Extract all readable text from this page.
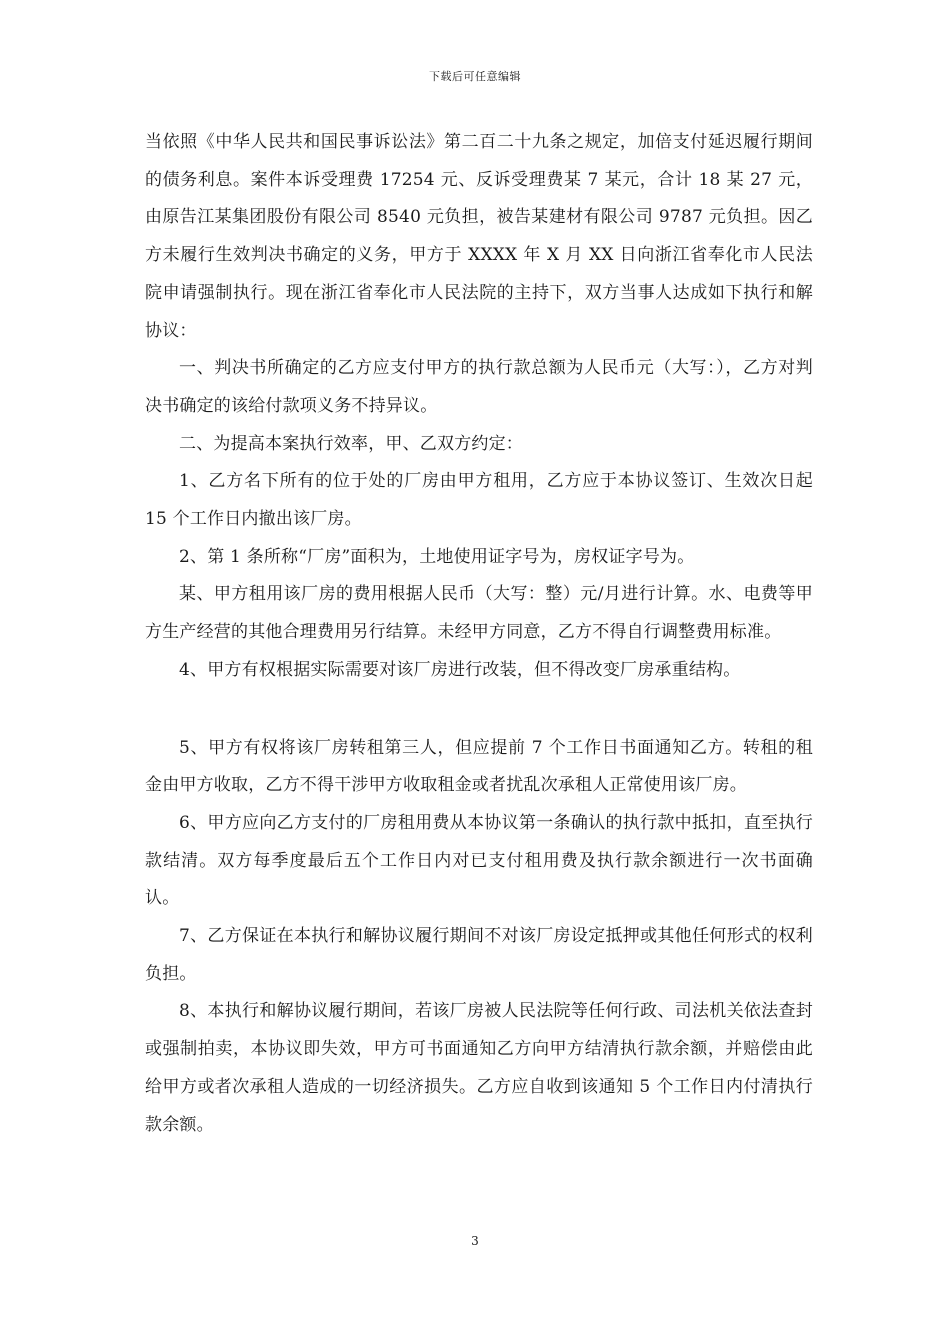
下载后可任意编辑

当依照《中华人民共和国民事诉讼法》第二百二十九条之规定，加倍支付延迟履行期间的债务利息。案件本诉受理费 17254 元、反诉受理费某 7 某元，合计 18 某 27 元，由原告江某集团股份有限公司 8540 元负担，被告某建材有限公司 9787 元负担。因乙方未履行生效判决书确定的义务，甲方于 XXXX 年 X 月 XX 日向浙江省奉化市人民法院申请强制执行。现在浙江省奉化市人民法院的主持下，双方当事人达成如下执行和解协议：

一、判决书所确定的乙方应支付甲方的执行款总额为人民币元（大写：），乙方对判决书确定的该给付款项义务不持异议。

二、为提高本案执行效率，甲、乙双方约定：

1、乙方名下所有的位于处的厂房由甲方租用，乙方应于本协议签订、生效次日起 15 个工作日内撤出该厂房。

2、第 1 条所称“厂房”面积为，土地使用证字号为，房权证字号为。

某、甲方租用该厂房的费用根据人民币（大写：整）元/月进行计算。水、电费等甲方生产经营的其他合理费用另行结算。未经甲方同意，乙方不得自行调整费用标准。

4、甲方有权根据实际需要对该厂房进行改装，但不得改变厂房承重结构。

5、甲方有权将该厂房转租第三人，但应提前 7 个工作日书面通知乙方。转租的租金由甲方收取，乙方不得干涉甲方收取租金或者扰乱次承租人正常使用该厂房。

6、甲方应向乙方支付的厂房租用费从本协议第一条确认的执行款中抵扣，直至执行款结清。双方每季度最后五个工作日内对已支付租用费及执行款余额进行一次书面确认。

7、乙方保证在本执行和解协议履行期间不对该厂房设定抵押或其他任何形式的权利负担。

8、本执行和解协议履行期间，若该厂房被人民法院等任何行政、司法机关依法查封或强制拍卖，本协议即失效，甲方可书面通知乙方向甲方结清执行款余额，并赔偿由此给甲方或者次承租人造成的一切经济损失。乙方应自收到该通知 5 个工作日内付清执行款余额。

3
